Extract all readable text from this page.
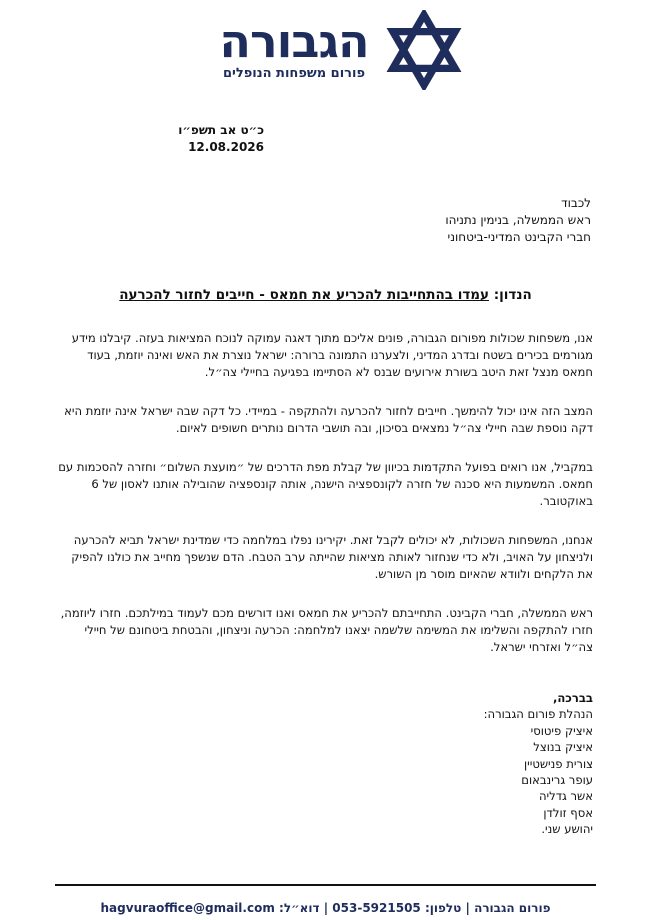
הגבורה
פורום משפחות הנופלים
כ״ט אב תשפ״ו
12.08.2026
לכבוד
ראש הממשלה, בנימין נתניהו
חברי הקבינט המדיני-ביטחוני
הנדון: עמדו בהתחייבות להכריע את חמאס - חייבים לחזור להכרעה

אנו, משפחות שכולות מפורום הגבורה, פונים אליכם מתוך דאגה עמוקה לנוכח המציאות בעזה. קיבלנו מידע מגורמים בכירים בשטח ובדרג המדיני, ולצערנו התמונה ברורה: ישראל נוצרת את האש ואינה יוזמת, בעוד חמאס מנצל זאת היטב בשורת אירועים שבנס לא הסתיימו בפגיעה בחיילי צה״ל.

המצב הזה אינו יכול להימשך. חייבים לחזור להכרעה ולהתקפה - במיידי. כל דקה שבה ישראל אינה יוזמת היא דקה נוספת שבה חיילי צה״ל נמצאים בסיכון, ובה תושבי הדרום נותרים חשופים לאיום.

במקביל, אנו רואים בפועל התקדמות בכיוון של קבלת מפת הדרכים של ״מועצת השלום״ וחזרה להסכמות עם חמאס. המשמעות היא סכנה של חזרה לקונספציה הישנה, אותה קונספציה שהובילה אותנו לאסון של 6 באוקטובר.

אנחנו, המשפחות השכולות, לא יכולים לקבל זאת. יקירינו נפלו במלחמה כדי שמדינת ישראל תביא להכרעה ולניצחון על האויב, ולא כדי שנחזור לאותה מציאות שהייתה ערב הטבח. הדם שנשפך מחייב את כולנו להפיק את הלקחים ולוודא שהאיום מוסר מן השורש.

ראש הממשלה, חברי הקבינט. התחייבתם להכריע את חמאס ואנו דורשים מכם לעמוד במילתכם. חזרו ליוזמה, חזרו להתקפה והשלימו את המשימה שלשמה יצאנו למלחמה: הכרעה וניצחון, והבטחת ביטחונם של חיילי צה״ל ואזרחי ישראל.

בברכה,
הנהלת פורום הגבורה:
איציק פיטוסי
איציק בנוצל
צורית פנישטיין
עופר גרינבאום
אשר גדליה
אסף זולדן
יהושע שני.
פורום הגבורה | טלפון: 053-5921505 | דוא״ל: hagvuraoffice@gmail.com
